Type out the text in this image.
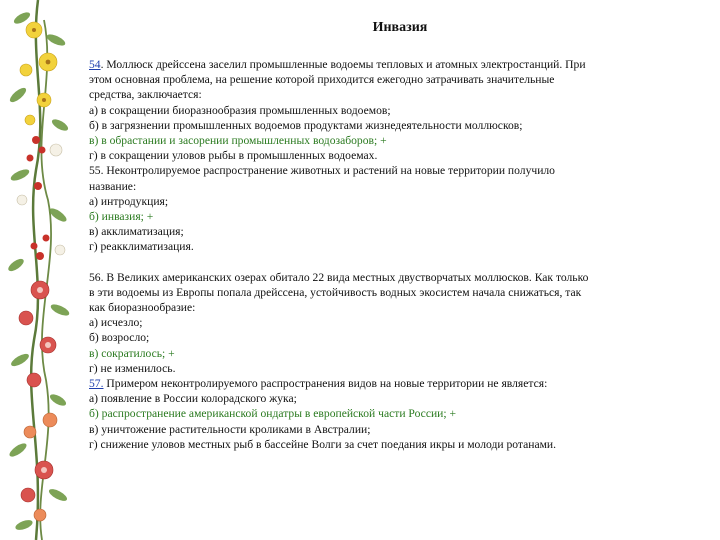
Инвазия
54. Моллюск дрейссена заселил промышленные водоемы тепловых и атомных электростанций. При
этом основная проблема, на решение которой приходится ежегодно затрачивать значительные
средства, заключается:
а) в сокращении биоразнообразия промышленных водоемов;
б) в загрязнении промышленных водоемов продуктами жизнедеятельности моллюсков;
в) в обрастании и засорении промышленных водозаборов; +
г) в сокращении уловов рыбы в промышленных водоемах.
55. Неконтролируемое распространение животных и растений на новые территории получило
название:
а) интродукция;
б) инвазия; +
в) акклиматизация;
г) реакклиматизация.
56. В Великих американских озерах обитало 22 вида местных двустворчатых моллюсков. Как только
в эти водоемы из Европы попала дрейссена, устойчивость водных экосистем начала снижаться, так
как биоразнообразие:
а) исчезло;
б) возросло;
в) сократилось; +
г) не изменилось.
57. Примером неконтролируемого распространения видов на новые территории не является:
а) появление в России колорадского жука;
б) распространение американской ондатры в европейской части России; +
в) уничтожение растительности кроликами в Австралии;
г) снижение уловов местных рыб в бассейне Волги за счет поедания икры и молоди ротанами.
